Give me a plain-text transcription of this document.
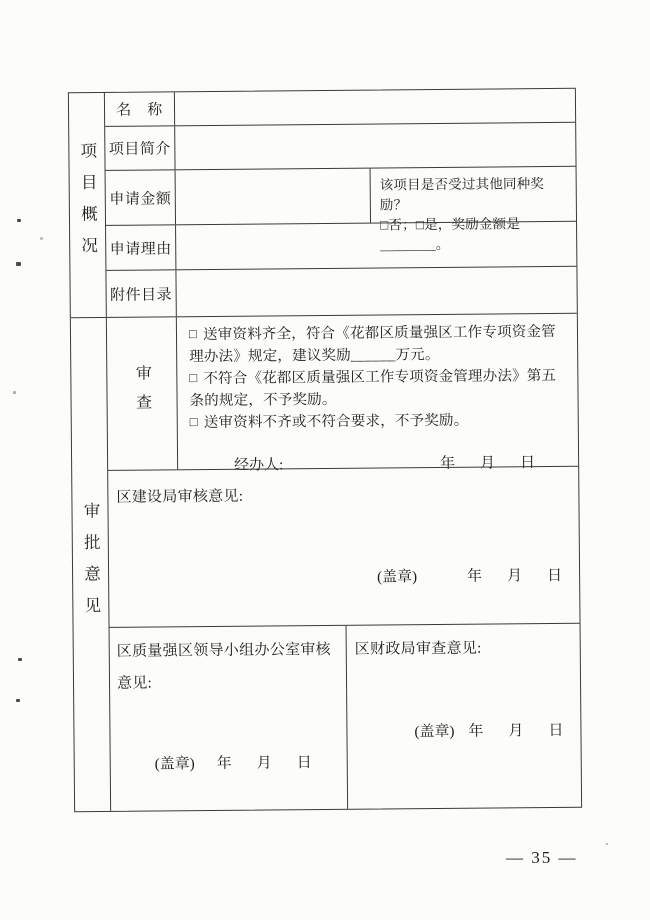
项目概况
名　称
项目简介
申请金额
该项目是否受过其他同种奖励？
□否；□是，奖励金额是________。
申请理由
附件目录
审批意见
审查

□ 送审资料齐全，符合《花都区质量强区工作专项资金管理办法》规定，建议奖励______万元。

□ 不符合《花都区质量强区工作专项资金管理办法》第五条的规定，不予奖励。

□ 送审资料不齐或不符合要求，不予奖励。

经办人:	年　月　日
区建设局审核意见:
(盖章)	年　月　日
区质量强区领导小组办公室审核意见:
(盖章) 年　月　日
区财政局审查意见:
(盖章) 年　月　日
— 35 —
